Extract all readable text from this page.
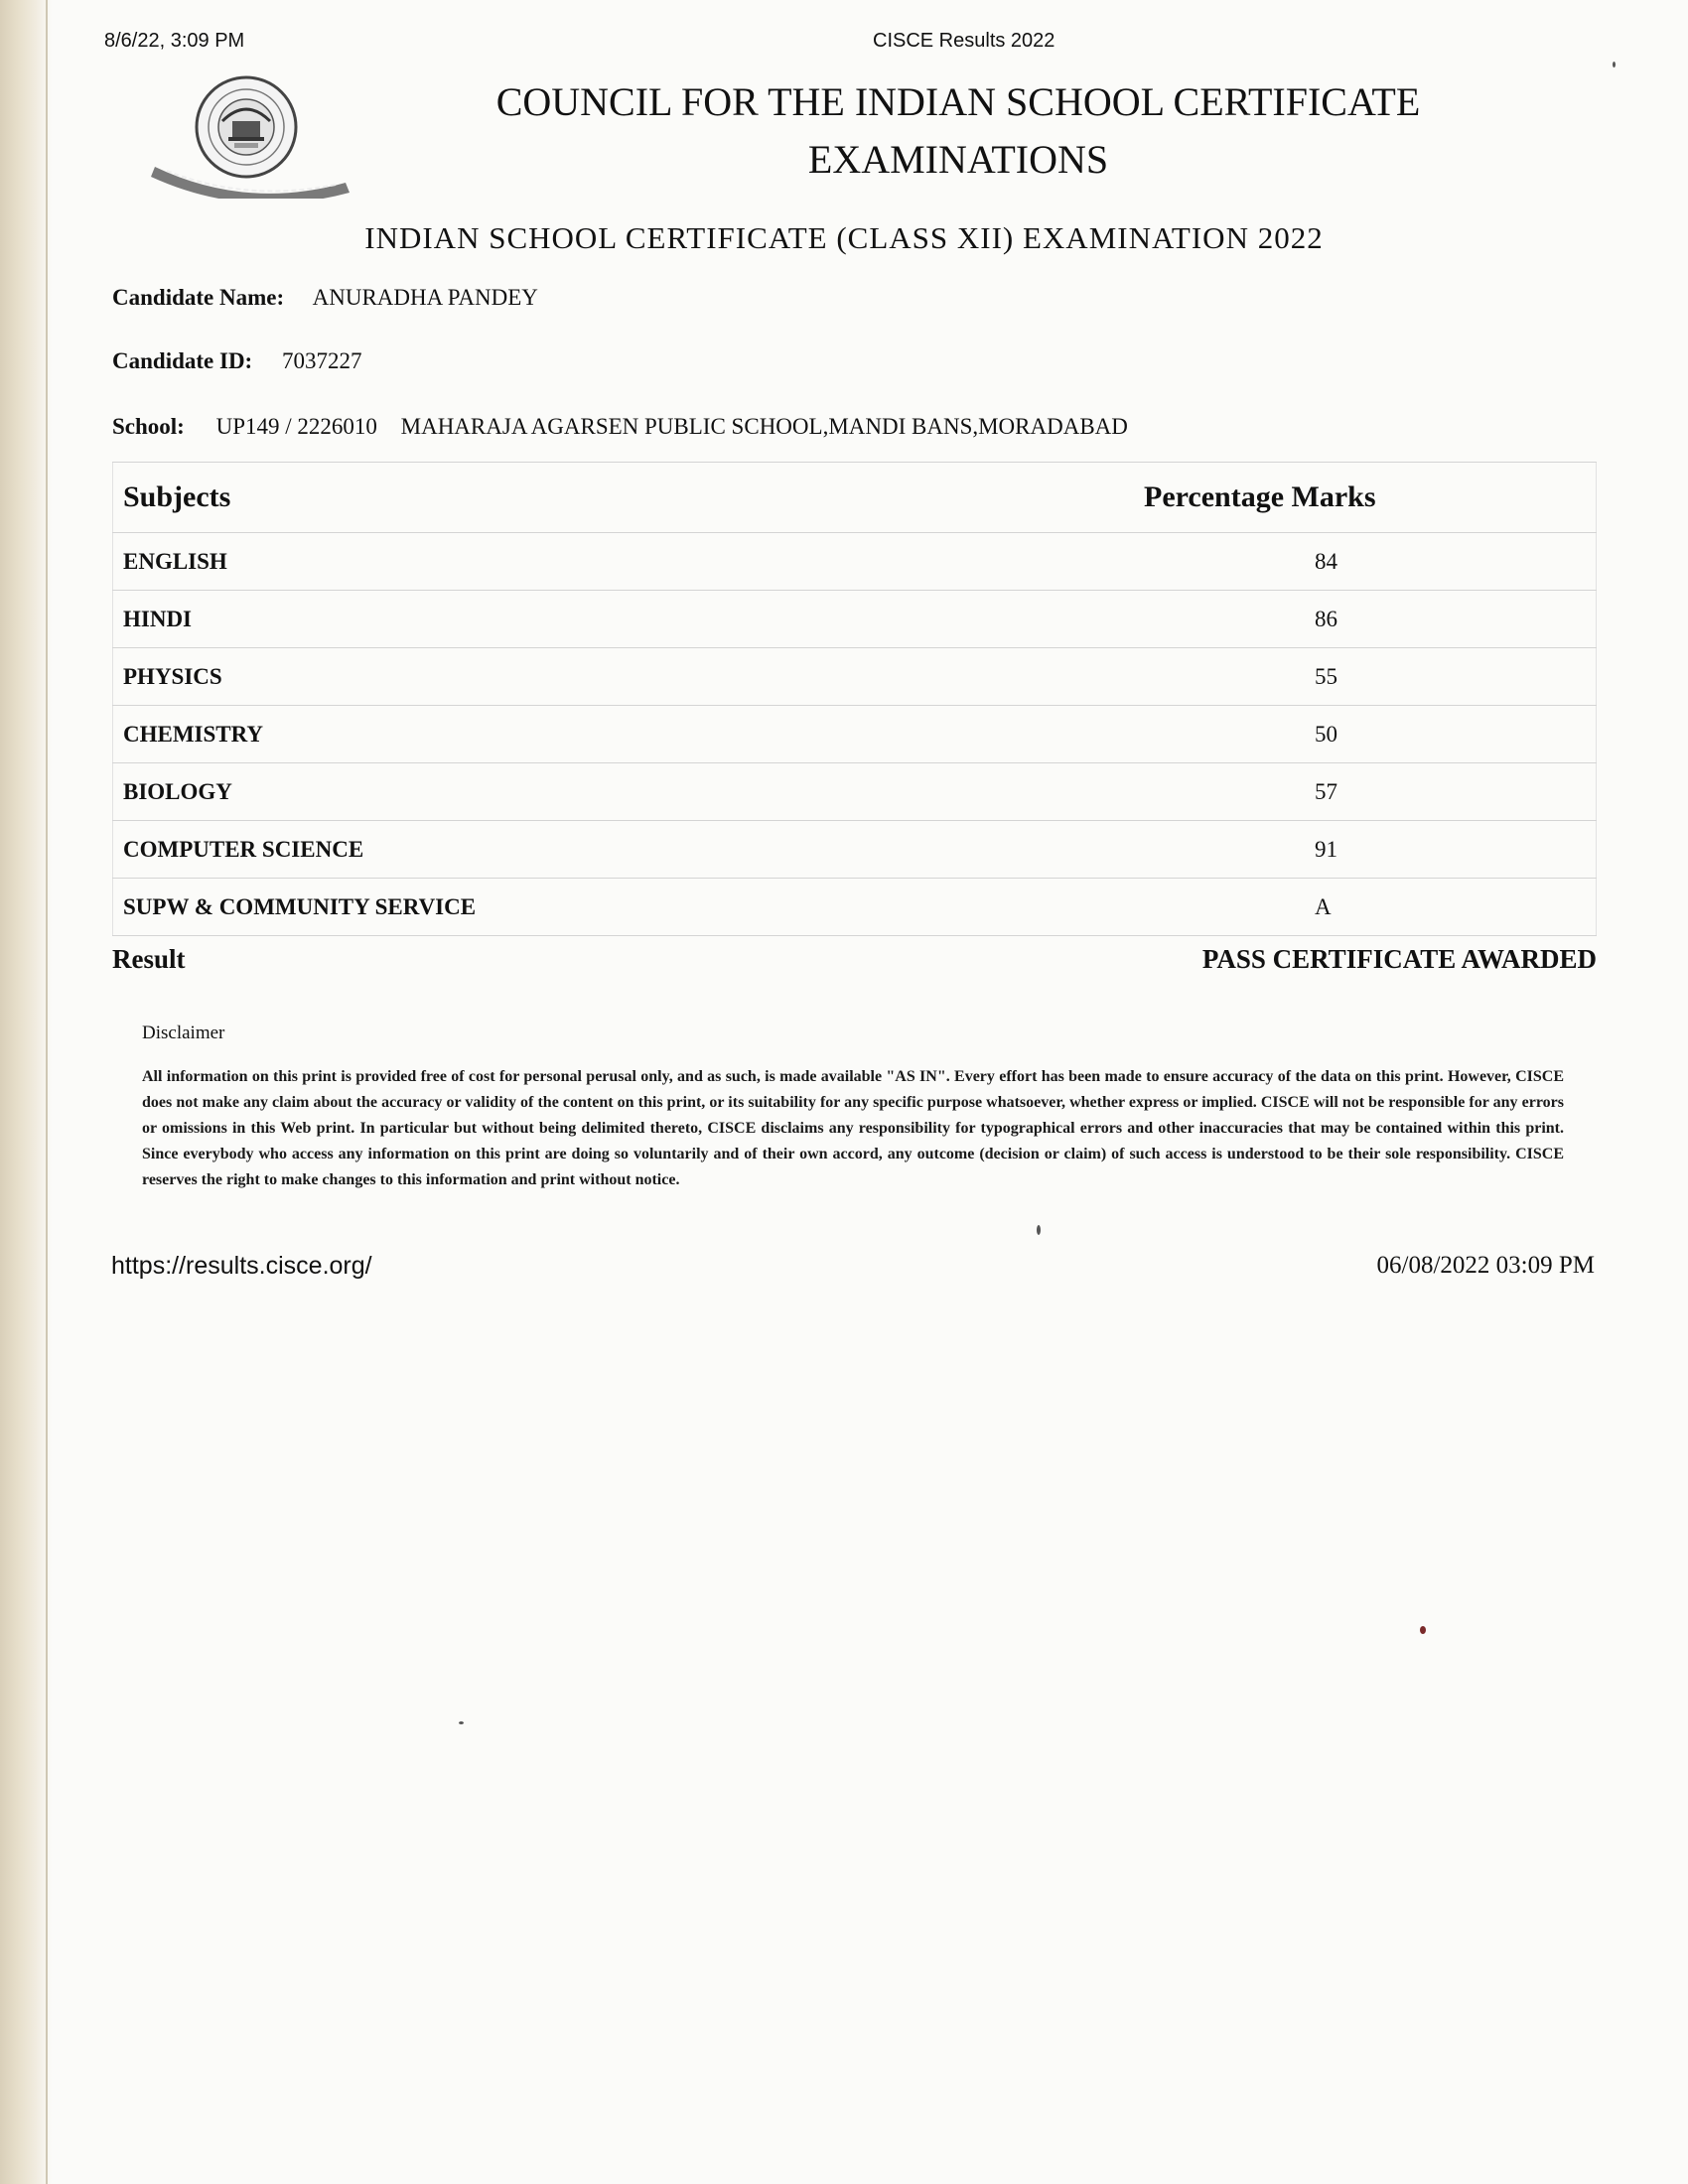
8/6/22, 3:09 PM	CISCE Results 2022
COUNCIL FOR THE INDIAN SCHOOL CERTIFICATE
EXAMINATIONS
INDIAN SCHOOL CERTIFICATE (CLASS XII) EXAMINATION 2022
Candidate Name: ANURADHA PANDEY
Candidate ID: 7037227
School: UP149 / 2226010 MAHARAJA AGARSEN PUBLIC SCHOOL,MANDI BANS,MORADABAD
Subjects	Percentage Marks
ENGLISH	84
HINDI	86
PHYSICS	55
CHEMISTRY	50
BIOLOGY	57
COMPUTER SCIENCE	91
SUPW & COMMUNITY SERVICE	A
Result	PASS CERTIFICATE AWARDED
Disclaimer
All information on this print is provided free of cost for personal perusal only, and as such, is made available "AS IN". Every effort has been made to ensure accuracy of the data on this print. However, CISCE does not make any claim about the accuracy or validity of the content on this print, or its suitability for any specific purpose whatsoever, whether express or implied. CISCE will not be responsible for any errors or omissions in this Web print. In particular but without being delimited thereto, CISCE disclaims any responsibility for typographical errors and other inaccuracies that may be contained within this print. Since everybody who access any information on this print are doing so voluntarily and of their own accord, any outcome (decision or claim) of such access is understood to be their sole responsibility. CISCE reserves the right to make changes to this information and print without notice.
https://results.cisce.org/	06/08/2022 03:09 PM
